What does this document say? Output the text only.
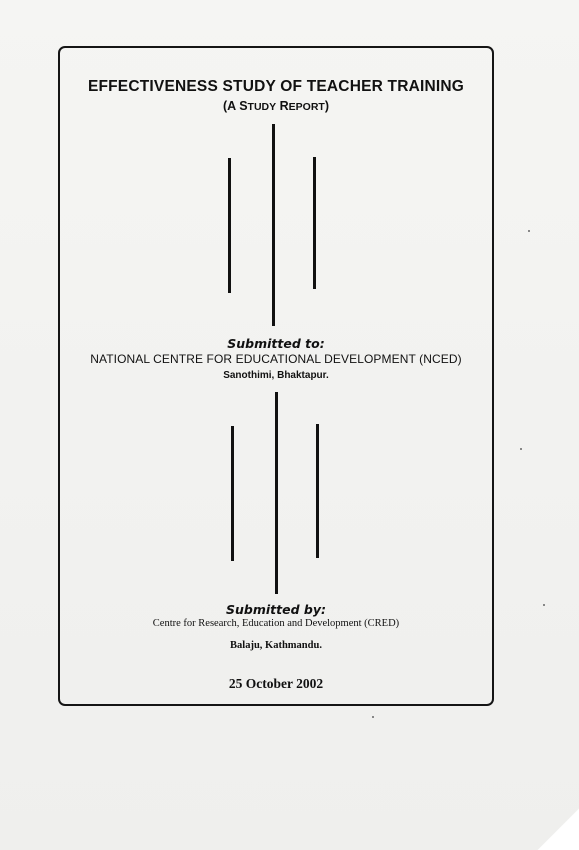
EFFECTIVENESS STUDY OF TEACHER TRAINING
(A STUDY REPORT)
Submitted to:
NATIONAL CENTRE FOR EDUCATIONAL DEVELOPMENT (NCED)
Sanothimi, Bhaktapur.
Submitted by:
Centre for Research, Education and Development (CRED)
Balaju, Kathmandu.
25 October 2002
